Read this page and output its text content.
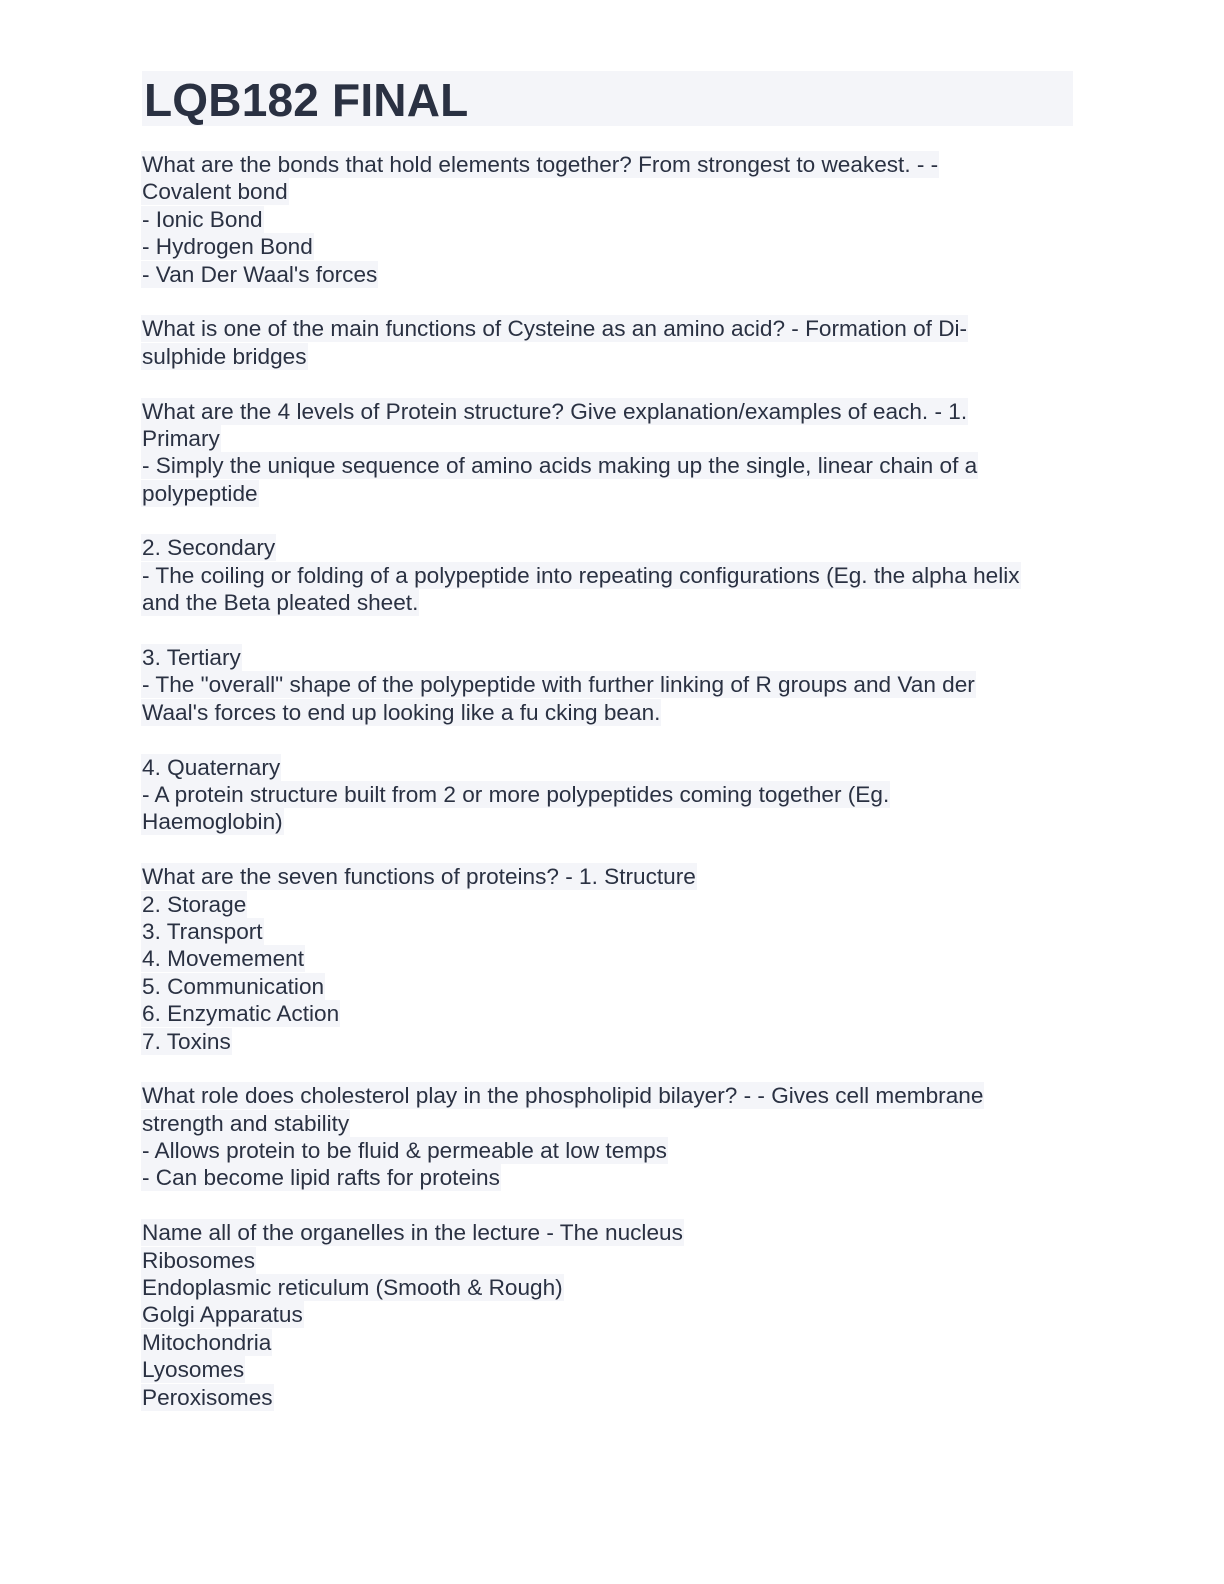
LQB182 FINAL
What are the bonds that hold elements together? From strongest to weakest. - -
Covalent bond
- Ionic Bond
- Hydrogen Bond
- Van Der Waal's forces
What is one of the main functions of Cysteine as an amino acid? - Formation of Di-
sulphide bridges
What are the 4 levels of Protein structure? Give explanation/examples of each. - 1.
Primary
- Simply the unique sequence of amino acids making up the single, linear chain of a
polypeptide
2. Secondary
- The coiling or folding of a polypeptide into repeating configurations (Eg. the alpha helix
and the Beta pleated sheet.
3. Tertiary
- The "overall" shape of the polypeptide with further linking of R groups and Van der
Waal's forces to end up looking like a fu cking bean.
4. Quaternary
- A protein structure built from 2 or more polypeptides coming together (Eg.
Haemoglobin)
What are the seven functions of proteins? - 1. Structure
2. Storage
3. Transport
4. Movemement
5. Communication
6. Enzymatic Action
7. Toxins
What role does cholesterol play in the phospholipid bilayer? - - Gives cell membrane
strength and stability
- Allows protein to be fluid & permeable at low temps
- Can become lipid rafts for proteins
Name all of the organelles in the lecture - The nucleus
Ribosomes
Endoplasmic reticulum (Smooth & Rough)
Golgi Apparatus
Mitochondria
Lyosomes
Peroxisomes
